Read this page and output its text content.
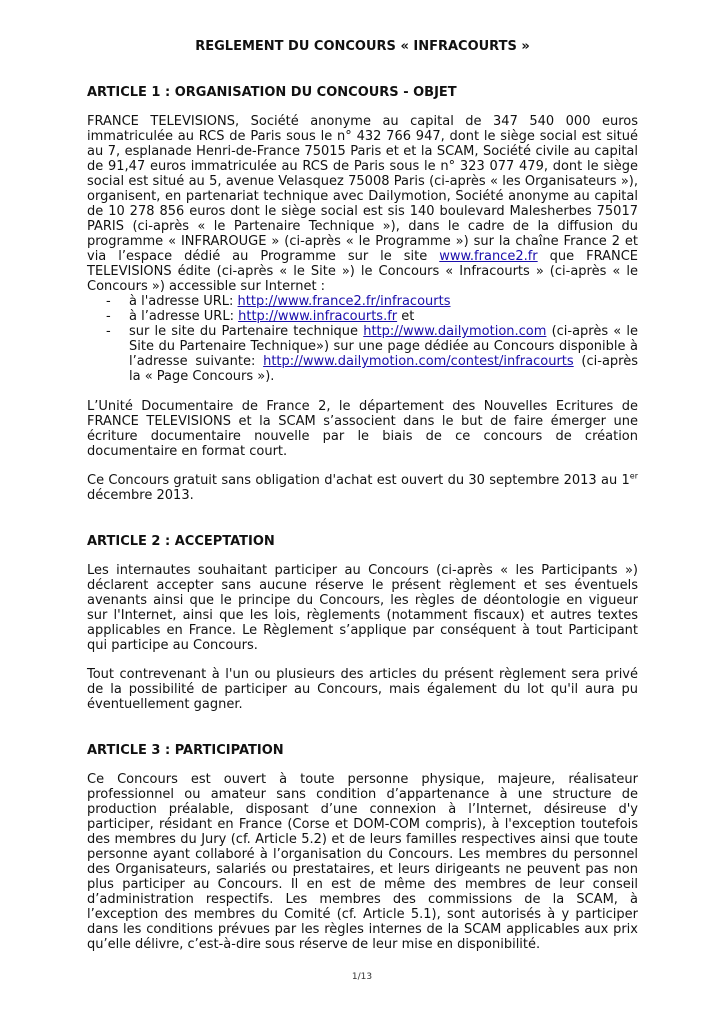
REGLEMENT DU CONCOURS « INFRACOURTS »
ARTICLE 1 : ORGANISATION DU CONCOURS - OBJET

FRANCE TELEVISIONS, Société anonyme au capital de 347 540 000 euros immatriculée au RCS de Paris sous le n° 432 766 947, dont le siège social est situé au 7, esplanade Henri-de-France 75015 Paris et et la SCAM, Société civile au capital de 91,47 euros immatriculée au RCS de Paris sous le n° 323 077 479, dont le siège social est situé au 5, avenue Velasquez 75008 Paris (ci-après « les Organisateurs »), organisent, en partenariat technique avec Dailymotion, Société anonyme au capital de 10 278 856 euros dont le siège social est sis 140 boulevard Malesherbes 75017 PARIS (ci-après « le Partenaire Technique »), dans le cadre de la diffusion du programme « INFRAROUGE » (ci-après « le Programme ») sur la chaîne France 2 et via l’espace dédié au Programme sur le site www.france2.fr que FRANCE TELEVISIONS édite (ci-après « le Site ») le Concours « Infracourts » (ci-après « le Concours ») accessible sur Internet :

- à l'adresse URL: http://www.france2.fr/infracourts
- à l’adresse URL: http://www.infracourts.fr et
- sur le site du Partenaire technique http://www.dailymotion.com (ci-après « le Site du Partenaire Technique») sur une page dédiée au Concours disponible à l’adresse suivante: http://www.dailymotion.com/contest/infracourts (ci-après la « Page Concours »).

L’Unité Documentaire de France 2, le département des Nouvelles Ecritures de FRANCE TELEVISIONS et la SCAM s’associent dans le but de faire émerger une écriture documentaire nouvelle par le biais de ce concours de création documentaire en format court.

Ce Concours gratuit sans obligation d'achat est ouvert du 30 septembre 2013 au 1er décembre 2013.

ARTICLE 2 : ACCEPTATION

Les internautes souhaitant participer au Concours (ci-après « les Participants ») déclarent accepter sans aucune réserve le présent règlement et ses éventuels avenants ainsi que le principe du Concours, les règles de déontologie en vigueur sur l'Internet, ainsi que les lois, règlements (notamment fiscaux) et autres textes applicables en France. Le Règlement s’applique par conséquent à tout Participant qui participe au Concours.

Tout contrevenant à l'un ou plusieurs des articles du présent règlement sera privé de la possibilité de participer au Concours, mais également du lot qu'il aura pu éventuellement gagner.

ARTICLE 3 : PARTICIPATION

Ce Concours est ouvert à toute personne physique, majeure, réalisateur professionnel ou amateur sans condition d’appartenance à une structure de production préalable, disposant d’une connexion à l’Internet, désireuse d'y participer, résidant en France (Corse et DOM-COM compris), à l'exception toutefois des membres du Jury (cf. Article 5.2) et de leurs familles respectives ainsi que toute personne ayant collaboré à l’organisation du Concours. Les membres du personnel des Organisateurs, salariés ou prestataires, et leurs dirigeants ne peuvent pas non plus participer au Concours. Il en est de même des membres de leur conseil d’administration respectifs. Les membres des commissions de la SCAM, à l’exception des membres du Comité (cf. Article 5.1), sont autorisés à y participer dans les conditions prévues par les règles internes de la SCAM applicables aux prix qu’elle délivre, c’est-à-dire sous réserve de leur mise en disponibilité.

1/13
